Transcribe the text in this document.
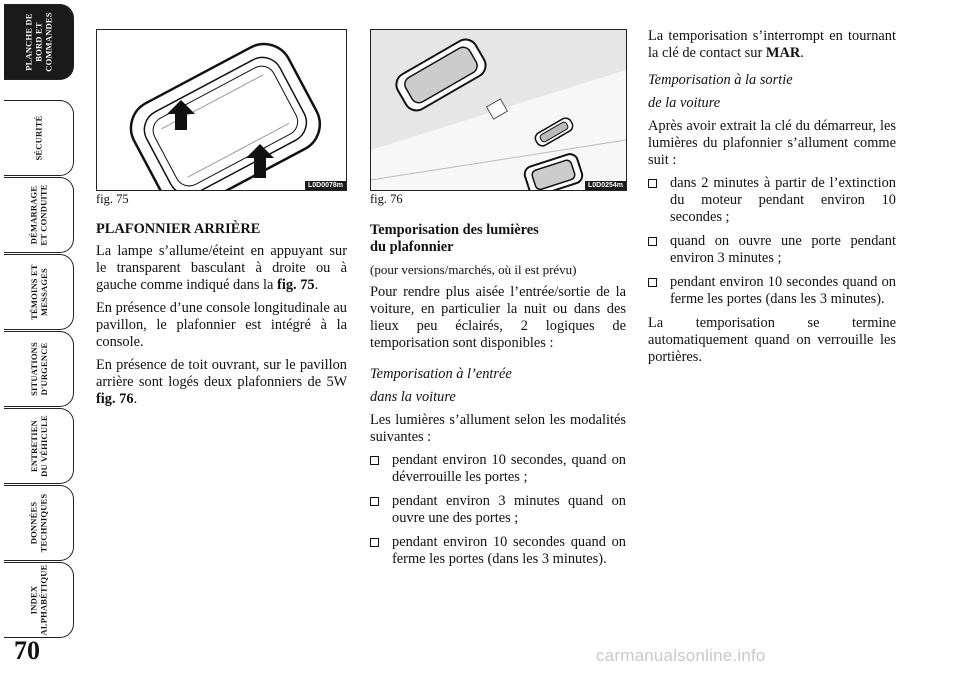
PLANCHE DE
BORD ET
COMMANDES
SÉCURITÉ
DÉMARRAGE
ET CONDUITE
TÉMOINS ET
MESSAGES
SITUATIONS
D'URGENCE
ENTRETIEN
DU VÉHICULE
DONNÉES
TECHNIQUES
INDEX
ALPHABÉTIQUE
70
L0D0078m
fig. 75
L0D0254m
fig. 76
PLAFONNIER ARRIÈRE

La lampe s’allume/éteint en appuyant sur le transparent basculant à droite ou à gauche comme indiqué dans la fig. 75.

En présence d’une console longitudinale au pavillon, le plafonnier est intégré à la console.

En présence de toit ouvrant, sur le pavillon arrière sont logés deux plafonniers de 5W fig. 76.

Temporisation des lumières
du plafonnier

(pour versions/marchés, où il est prévu)

Pour rendre plus aisée l’entrée/sortie de la voiture, en particulier la nuit ou dans des lieux peu éclairés, 2 logiques de temporisation sont disponibles :

Temporisation à l’entrée

dans la voiture

Les lumières s’allument selon les modalités suivantes :

pendant environ 10 secondes, quand on déverrouille les portes ;
pendant environ 3 minutes quand on ouvre une des portes ;
pendant environ 10 secondes quand on ferme les portes (dans les 3 minutes).

La temporisation s’interrompt en tournant la clé de contact sur MAR.

Temporisation à la sortie

de la voiture

Après avoir extrait la clé du démarreur, les lumières du plafonnier s’allument comme suit :

dans 2 minutes à partir de l’extinction du moteur pendant environ 10 secondes ;
quand on ouvre une porte pendant environ 3 minutes ;
pendant environ 10 secondes quand on ferme les portes (dans les 3 minutes).

La temporisation se termine automatiquement quand on verrouille les portières.

carmanualsonline.info
